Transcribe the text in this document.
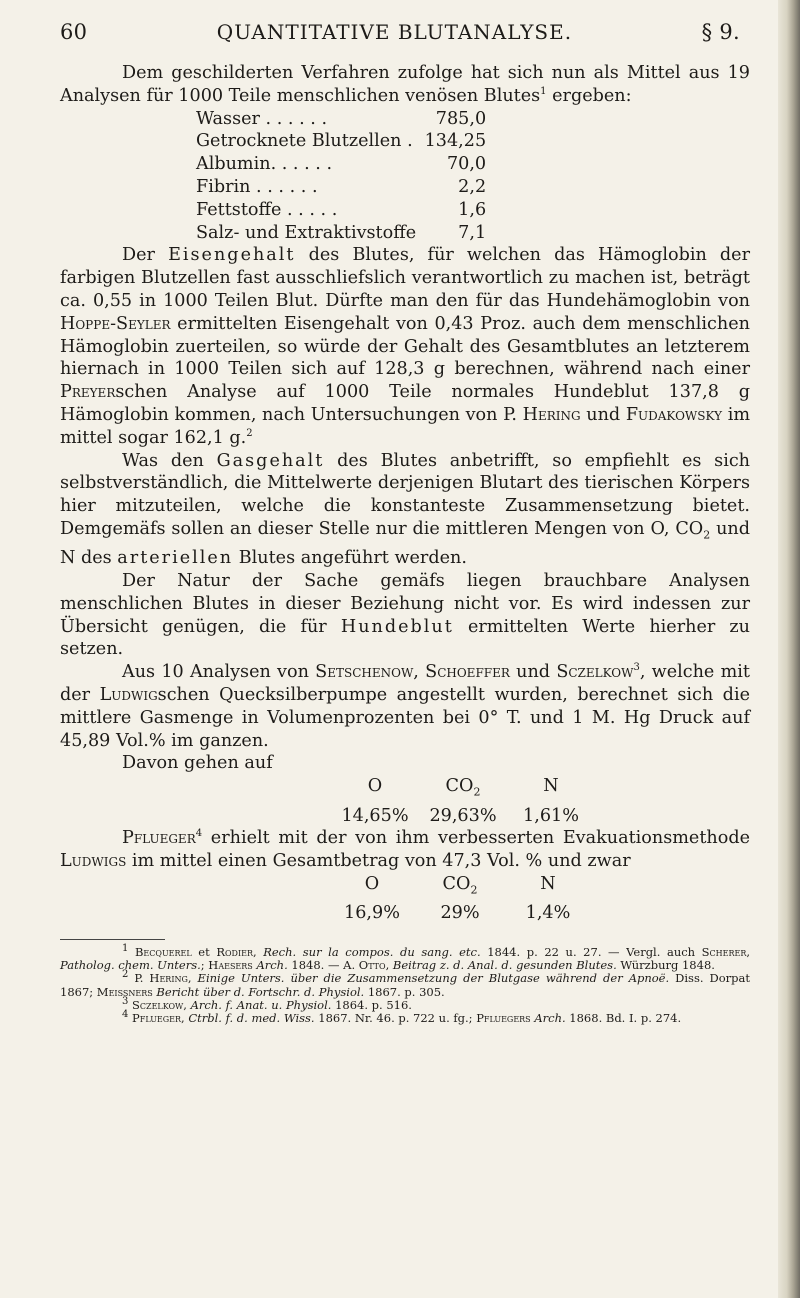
60	QUANTITATIVE BLUTANALYSE.	§ 9.

Dem geschilderten Verfahren zufolge hat sich nun als Mittel aus 19 Analysen für 1000 Teile menschlichen venösen Blutes$^1$ ergeben:

Wasser . . . . . .	785,0
Getrocknete Blutzellen .	134,25
Albumin. . . . . .	70,0
Fibrin . . . . . .	2,2
Fettstoffe . . . . .	1,6
Salz- und Extraktivstoffe	7,1

Der Eisengehalt des Blutes, für welchen das Hämoglobin der farbigen Blutzellen fast ausschliefslich verantwortlich zu machen ist, beträgt ca. 0,55 in 1000 Teilen Blut. Dürfte man den für das Hundehämoglobin von Hoppe-Seyler ermittelten Eisengehalt von 0,43 Proz. auch dem menschlichen Hämoglobin zuerteilen, so würde der Gehalt des Gesamtblutes an letzterem hiernach in 1000 Teilen sich auf 128,3 g berechnen, während nach einer Preyerschen Analyse auf 1000 Teile normales Hundeblut 137,8 g Hämoglobin kommen, nach Untersuchungen von P. Hering und Fudakowsky im mittel sogar 162,1 g.$^2$

Was den Gasgehalt des Blutes anbetrifft, so empfiehlt es sich selbstverständlich, die Mittelwerte derjenigen Blutart des tierischen Körpers hier mitzuteilen, welche die konstanteste Zusammensetzung bietet. Demgemäfs sollen an dieser Stelle nur die mittleren Mengen von O, $CO_2$ und N des arteriellen Blutes angeführt werden.

Der Natur der Sache gemäfs liegen brauchbare Analysen menschlichen Blutes in dieser Beziehung nicht vor. Es wird indessen zur Übersicht genügen, die für Hundeblut ermittelten Werte hierher zu setzen.

Aus 10 Analysen von Setschenow, Schoeffer und Sczelkow$^3$, welche mit der Ludwigschen Quecksilberpumpe angestellt wurden, berechnet sich die mittlere Gasmenge in Volumenprozenten bei 0° T. und 1 M. Hg Druck auf 45,89 Vol.% im ganzen.

Davon gehen auf

O	$CO_2$	N
14,65%	29,63%	1,61%

Pflueger$^4$ erhielt mit der von ihm verbesserten Evakuationsmethode Ludwigs im mittel einen Gesamtbetrag von 47,3 Vol. % und zwar

O	$CO_2$	N
16,9%	29%	1,4%

$^1$ Becquerel et Rodier, Rech. sur la compos. du sang. etc. 1844. p. 22 u. 27. — Vergl. auch Scherer, Patholog. chem. Unters.; Haesers Arch. 1848. — A. Otto, Beitrag z. d. Anal. d. gesunden Blutes. Würzburg 1848.

$^2$ P. Hering, Einige Unters. über die Zusammensetzung der Blutgase während der Apnoë. Diss. Dorpat 1867; Meissners Bericht über d. Fortschr. d. Physiol. 1867. p. 305.

$^3$ Sczelkow, Arch. f. Anat. u. Physiol. 1864. p. 516.

$^4$ Pflueger, Ctrbl. f. d. med. Wiss. 1867. Nr. 46. p. 722 u. fg.; Pfluegers Arch. 1868. Bd. I. p. 274.
